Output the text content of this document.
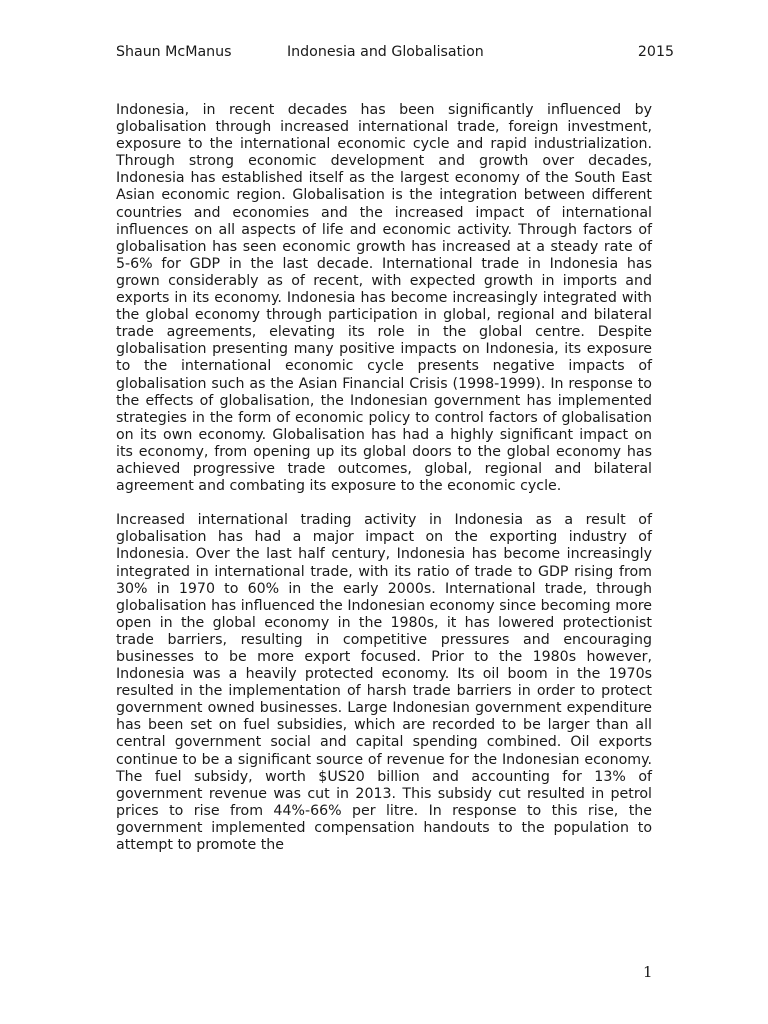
Shaun McManus	Indonesia and Globalisation	2015

Indonesia, in recent decades has been significantly influenced by globalisation through increased international trade, foreign investment, exposure to the international economic cycle and rapid industrialization. Through strong economic development and growth over decades, Indonesia has established itself as the largest economy of the South East Asian economic region. Globalisation is the integration between different countries and economies and the increased impact of international influences on all aspects of life and economic activity. Through factors of globalisation has seen economic growth has increased at a steady rate of 5-6% for GDP in the last decade. International trade in Indonesia has grown considerably as of recent, with expected growth in imports and exports in its economy. Indonesia has become increasingly integrated with the global economy through participation in global, regional and bilateral trade agreements, elevating its role in the global centre. Despite globalisation presenting many positive impacts on Indonesia, its exposure to the international economic cycle presents negative impacts of globalisation such as the Asian Financial Crisis (1998-1999). In response to the effects of globalisation, the Indonesian government has implemented strategies in the form of economic policy to control factors of globalisation on its own economy. Globalisation has had a highly significant impact on its economy, from opening up its global doors to the global economy has achieved progressive trade outcomes, global, regional and bilateral agreement and combating its exposure to the economic cycle.

Increased international trading activity in Indonesia as a result of globalisation has had a major impact on the exporting industry of Indonesia. Over the last half century, Indonesia has become increasingly integrated in international trade, with its ratio of trade to GDP rising from 30% in 1970 to 60% in the early 2000s. International trade, through globalisation has influenced the Indonesian economy since becoming more open in the global economy in the 1980s, it has lowered protectionist trade barriers, resulting in competitive pressures and encouraging businesses to be more export focused. Prior to the 1980s however, Indonesia was a heavily protected economy. Its oil boom in the 1970s resulted in the implementation of harsh trade barriers in order to protect government owned businesses. Large Indonesian government expenditure has been set on fuel subsidies, which are recorded to be larger than all central government social and capital spending combined. Oil exports continue to be a significant source of revenue for the Indonesian economy. The fuel subsidy, worth $US20 billion and accounting for 13% of government revenue was cut in 2013. This subsidy cut resulted in petrol prices to rise from 44%-66% per litre. In response to this rise, the government implemented compensation handouts to the population to attempt to promote the

1
